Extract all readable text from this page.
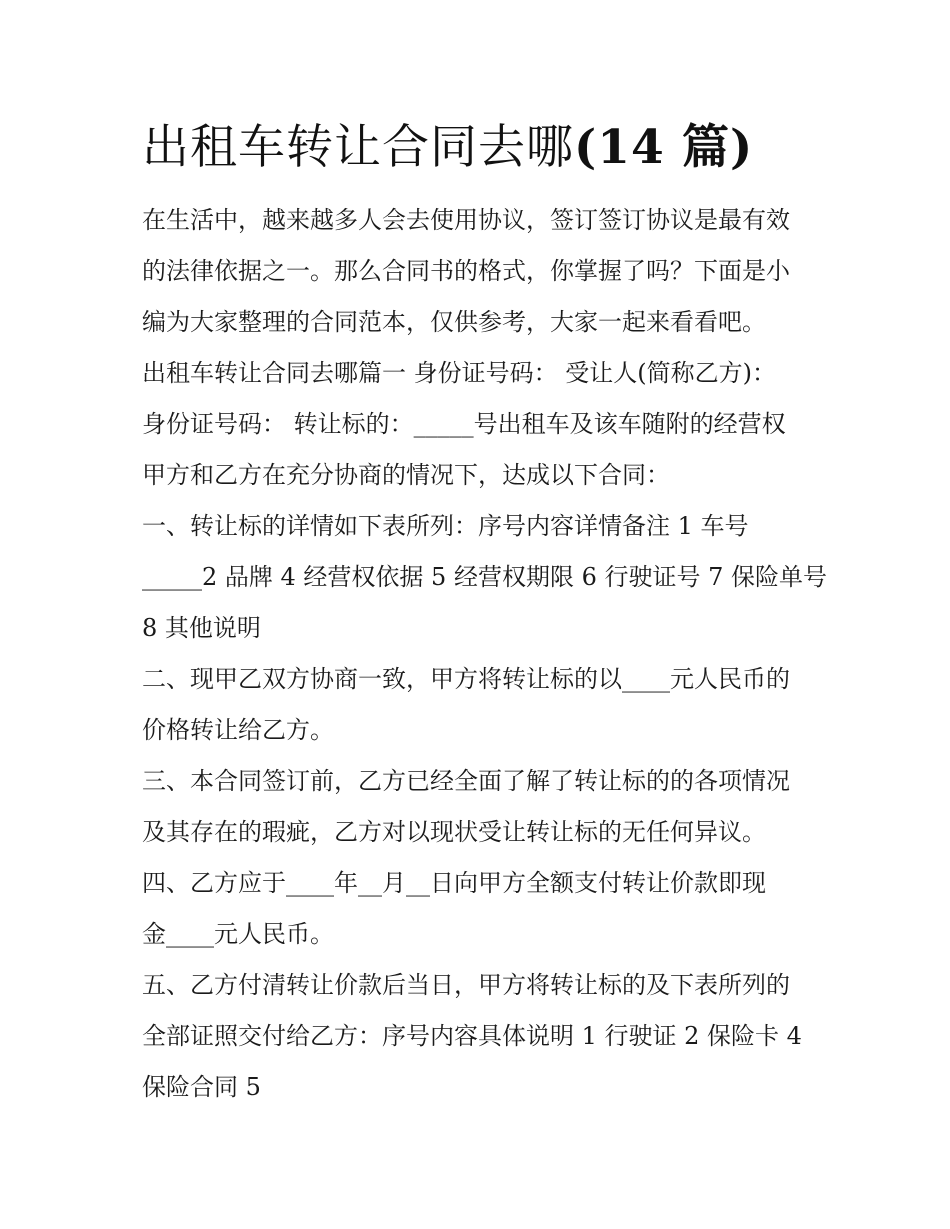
出租车转让合同去哪(14 篇)
在生活中，越来越多人会去使用协议，签订签订协议是最有效
的法律依据之一。那么合同书的格式，你掌握了吗？下面是小
编为大家整理的合同范本，仅供参考，大家一起来看看吧。
出租车转让合同去哪篇一 身份证号码： 受让人(简称乙方)：
身份证号码： 转让标的：_____号出租车及该车随附的经营权
甲方和乙方在充分协商的情况下，达成以下合同：
一、转让标的详情如下表所列：序号内容详情备注 1 车号
_____2 品牌 4 经营权依据 5 经营权期限 6 行驶证号 7 保险单号
8 其他说明
二、现甲乙双方协商一致，甲方将转让标的以____元人民币的
价格转让给乙方。
三、本合同签订前，乙方已经全面了解了转让标的的各项情况
及其存在的瑕疵，乙方对以现状受让转让标的无任何异议。
四、乙方应于____年__月__日向甲方全额支付转让价款即现
金____元人民币。
五、乙方付清转让价款后当日，甲方将转让标的及下表所列的
全部证照交付给乙方：序号内容具体说明 1 行驶证 2 保险卡 4
保险合同 5
